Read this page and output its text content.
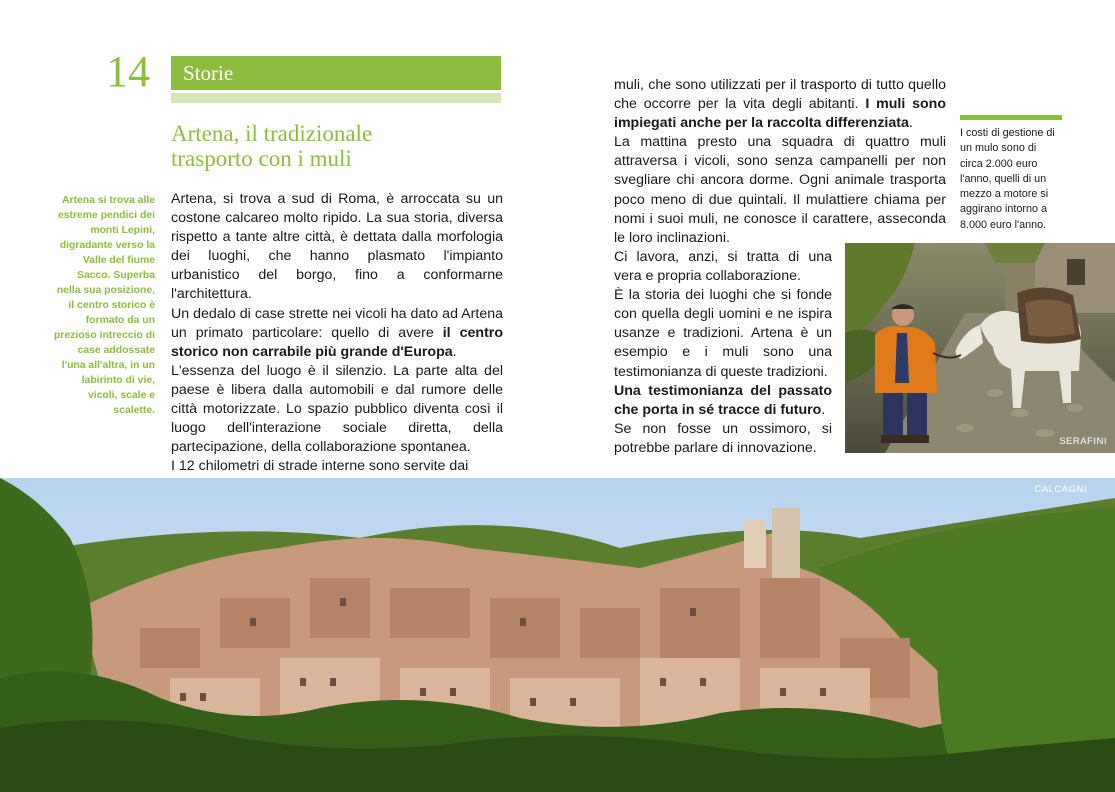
14	Storie
Artena, il tradizionale
trasporto con i muli
Artena si trova alle estreme pendici dei monti Lepini, digradante verso la Valle del fiume Sacco. Superba nella sua posizione, il centro storico è formato da un prezioso intreccio di case addossate l'una all'altra, in un labirinto di vie, vicoli, scale e scalette.

Artena, si trova a sud di Roma, è arroccata su un costone calcareo molto ripido. La sua storia, diversa rispetto a tante altre città, è dettata dalla morfologia dei luoghi, che hanno plasmato l'impianto urbanistico del borgo, fino a conformarne l'architettura.

Un dedalo di case strette nei vicoli ha dato ad Artena un primato particolare: quello di avere il centro storico non carrabile più grande d'Europa.

L'essenza del luogo è il silenzio. La parte alta del paese è libera dalla automobili e dal rumore delle città motorizzate. Lo spazio pubblico diventa così il luogo dell'interazione sociale diretta, della partecipazione, della collaborazione spontanea.

I 12 chilometri di strade interne sono servite dai

muli, che sono utilizzati per il trasporto di tutto quello che occorre per la vita degli abitanti. I muli sono impiegati anche per la raccolta differenziata.

La mattina presto una squadra di quattro muli attraversa i vicoli, sono senza campanelli per non svegliare chi ancora dorme. Ogni animale trasporta poco meno di due quintali. Il mulattiere chiama per nomi i suoi muli, ne conosce il carattere, asseconda le loro inclinazioni.

Ci lavora, anzi, si tratta di una vera e propria collaborazione.

È la storia dei luoghi che si fonde con quella degli uomini e ne ispira usanze e tradizioni. Artena è un esempio e i muli sono una testimonianza di queste tradizioni.

Una testimonianza del passato che porta in sé tracce di futuro.

Se non fosse un ossimoro, si potrebbe parlare di innovazione.

I costi di gestione di un mulo sono di circa 2.000 euro l'anno, quelli di un mezzo a motore si aggirano intorno a 8.000 euro l'anno.
SERAFINI
CALCAGNI
